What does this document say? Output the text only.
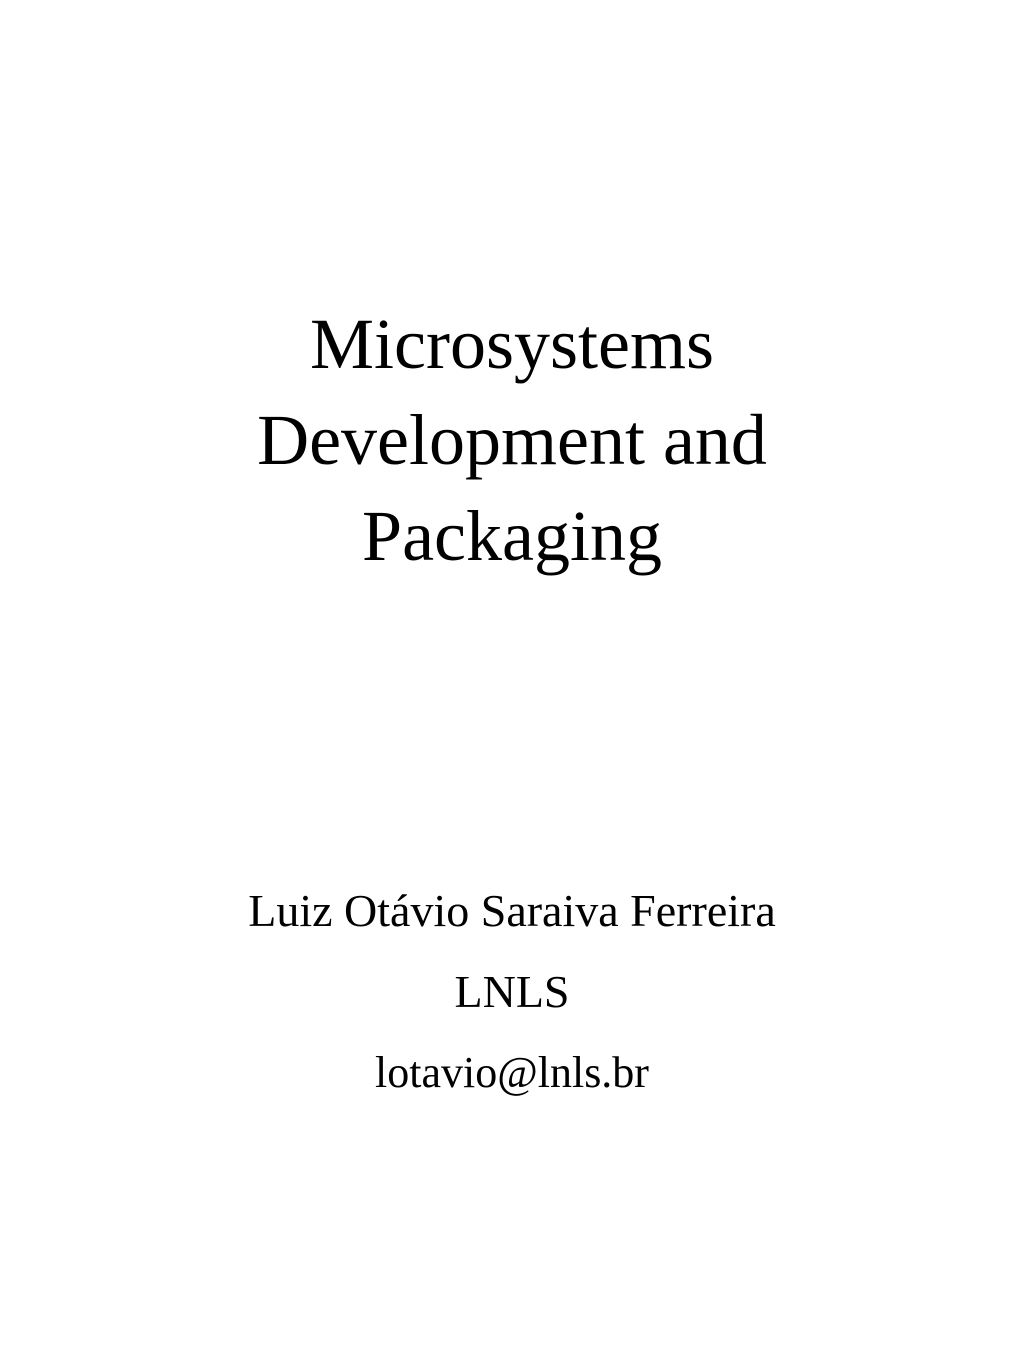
Microsystems
Development and
Packaging
Luiz Otávio Saraiva Ferreira
LNLS
lotavio@lnls.br
